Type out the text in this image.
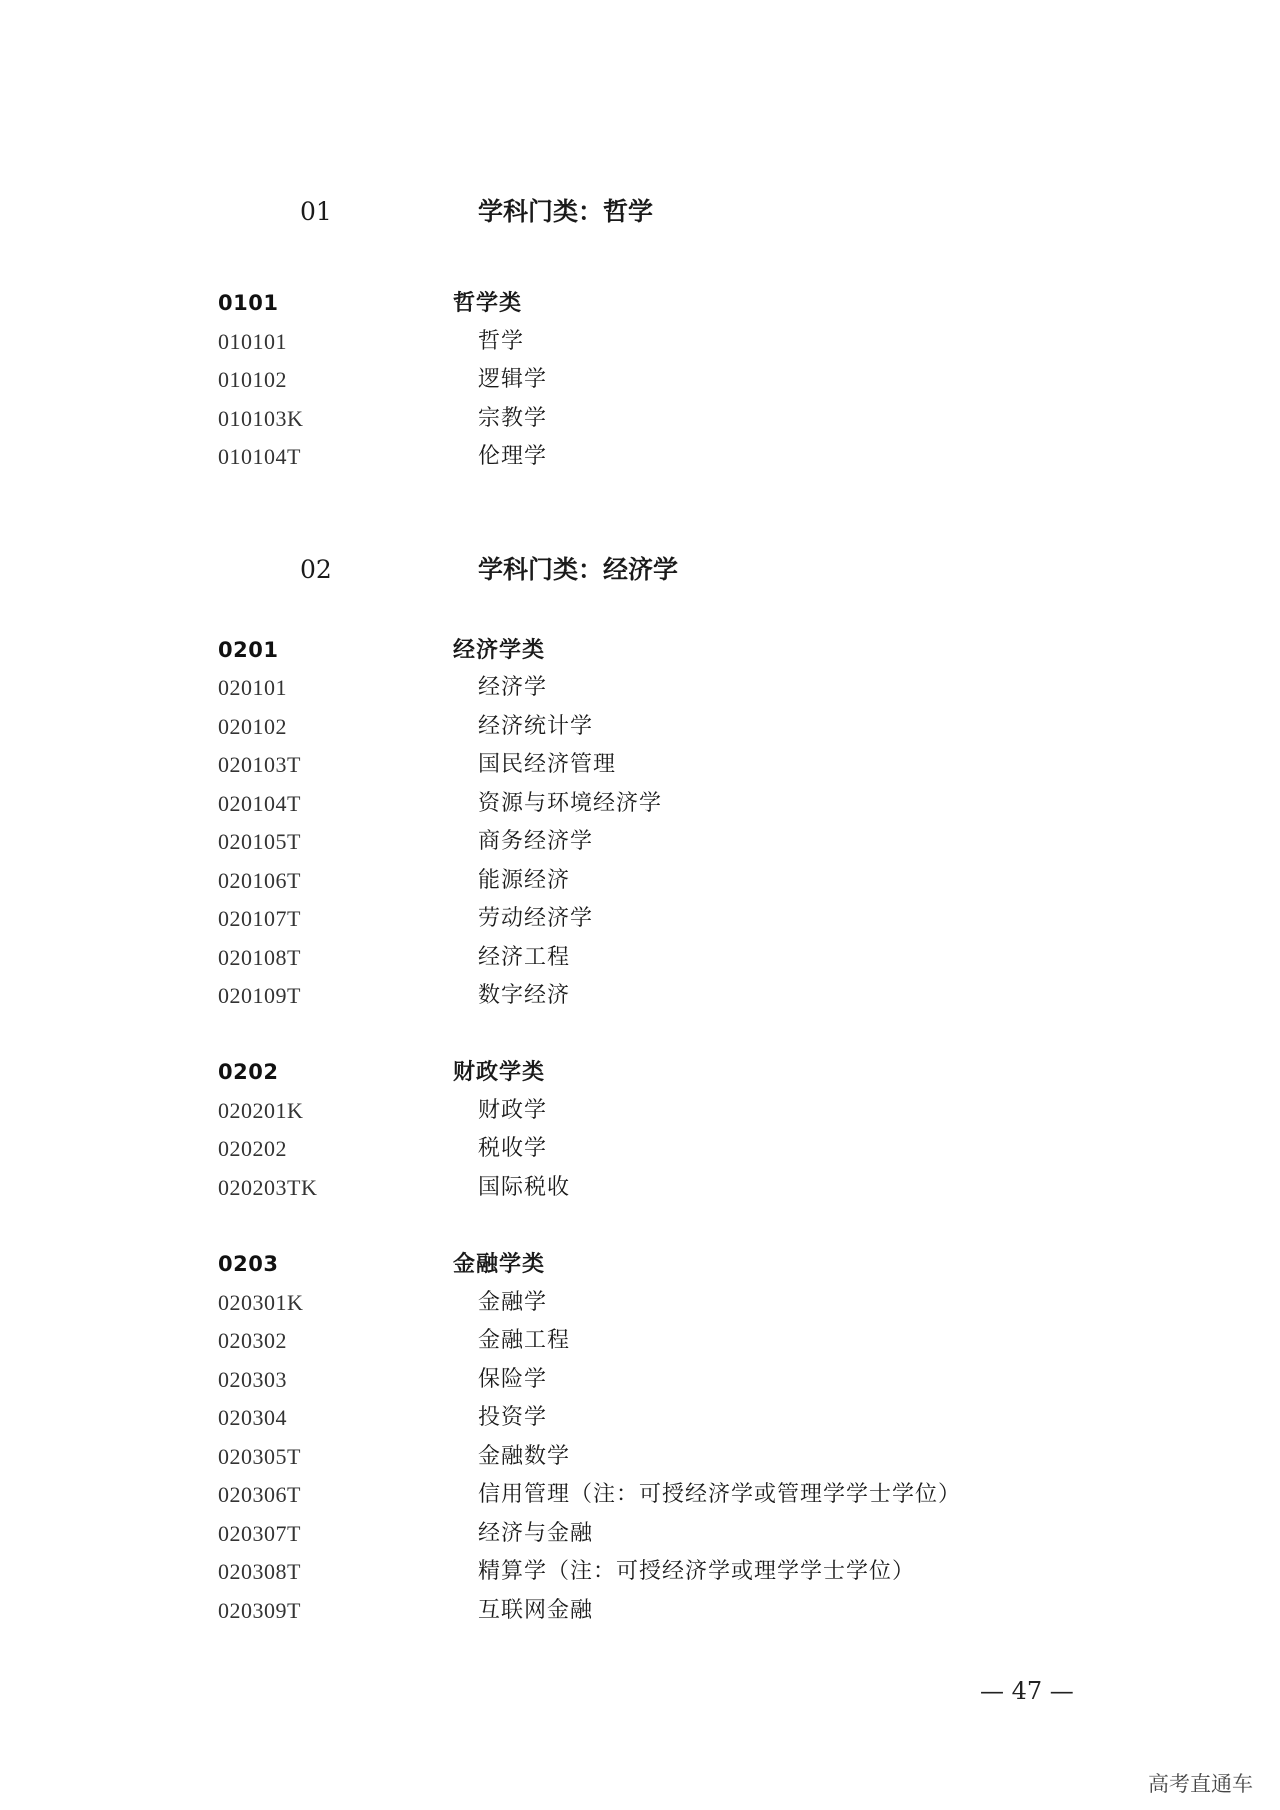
01	学科门类：哲学
0101	哲学类
010101	哲学
010102	逻辑学
010103K	宗教学
010104T	伦理学
02	学科门类：经济学
0201	经济学类
020101	经济学
020102	经济统计学
020103T	国民经济管理
020104T	资源与环境经济学
020105T	商务经济学
020106T	能源经济
020107T	劳动经济学
020108T	经济工程
020109T	数字经济
0202	财政学类
020201K	财政学
020202	税收学
020203TK	国际税收
0203	金融学类
020301K	金融学
020302	金融工程
020303	保险学
020304	投资学
020305T	金融数学
020306T	信用管理（注：可授经济学或管理学学士学位）
020307T	经济与金融
020308T	精算学（注：可授经济学或理学学士学位）
020309T	互联网金融
— 47 —
高考直通车
